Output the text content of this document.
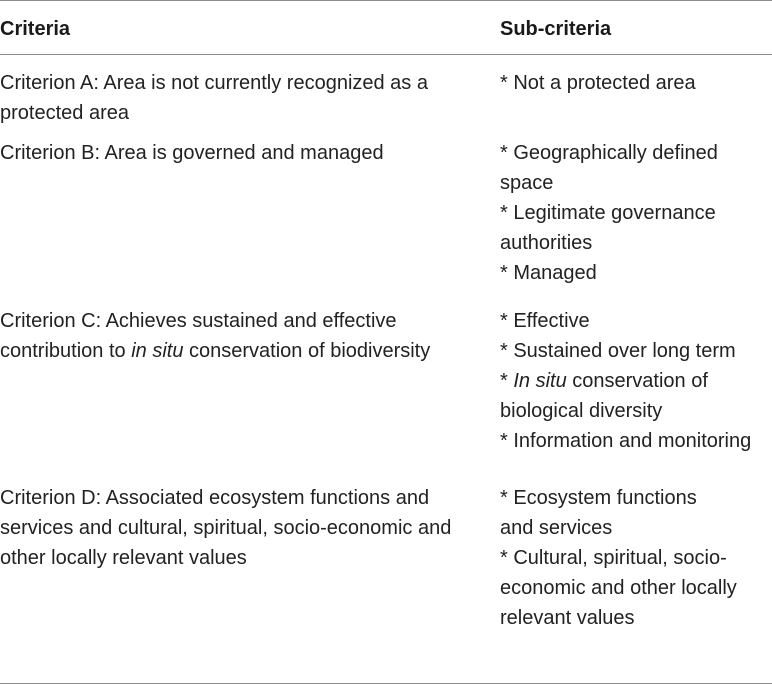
Criteria	Sub-criteria
Criterion A: Area is not currently recognized as a protected area
* Not a protected area
Criterion B: Area is governed and managed	* Geographically defined space
* Legitimate governance authorities
* Managed
Criterion C: Achieves sustained and effective contribution to in situ conservation of biodiversity
* Effective
* Sustained over long term
* In situ conservation of biological diversity
* Information and monitoring
Criterion D: Associated ecosystem functions and services and cultural, spiritual, socio-economic and other locally relevant values
* Ecosystem functions and services
* Cultural, spiritual, socio-economic and other locally relevant values
